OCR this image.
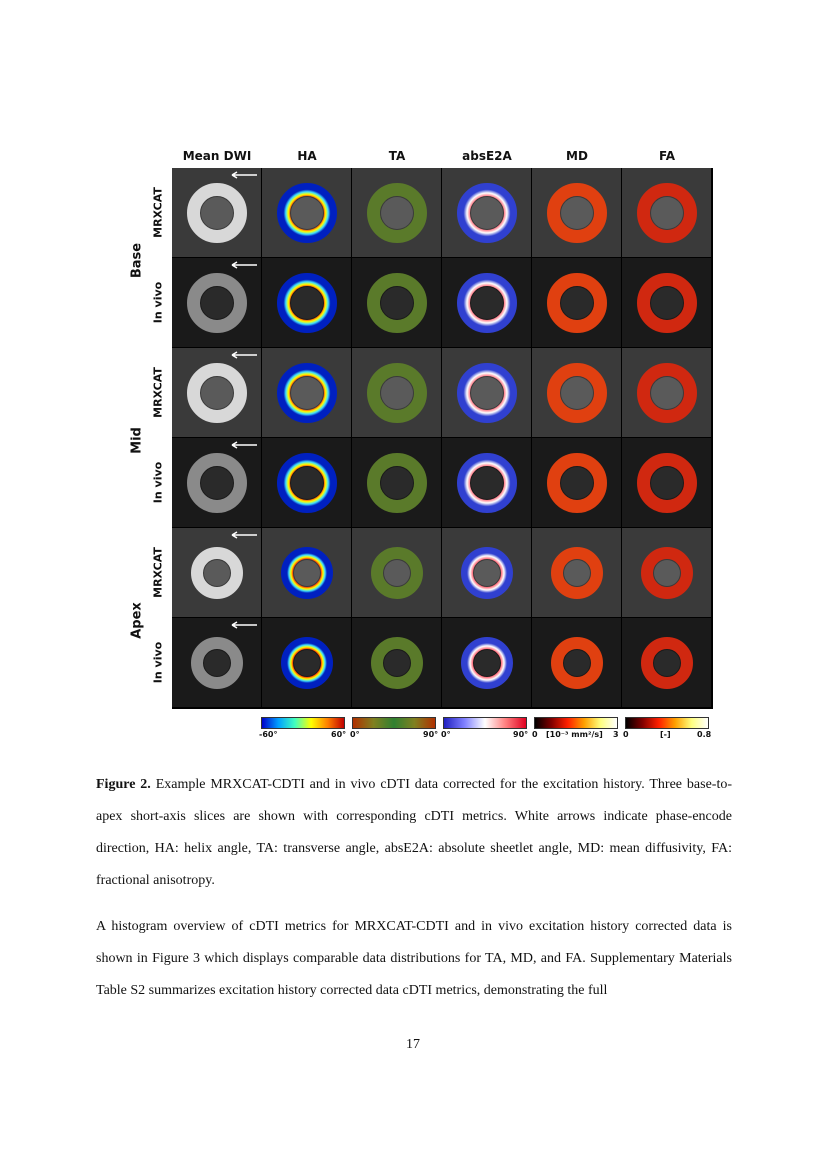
Mean DWI	HA	TA	absE2A	MD	FA
Base
Mid
Apex
MRXCAT
In vivo
MRXCAT
In vivo
MRXCAT
In vivo
-60°	60° 0°	90° 0°	90° 0 [10⁻³ mm²/s] 3 0	[-]	0.8
Figure 2. Example MRXCAT-CDTI and in vivo cDTI data corrected for the excitation history. Three base-to-apex short-axis slices are shown with corresponding cDTI metrics. White arrows indicate phase-encode direction, HA: helix angle, TA: transverse angle, absE2A: absolute sheetlet angle, MD: mean diffusivity, FA: fractional anisotropy.
A histogram overview of cDTI metrics for MRXCAT-CDTI and in vivo excitation history corrected data is shown in Figure 3 which displays comparable data distributions for TA, MD, and FA. Supplementary Materials Table S2 summarizes excitation history corrected data cDTI metrics, demonstrating the full
17
